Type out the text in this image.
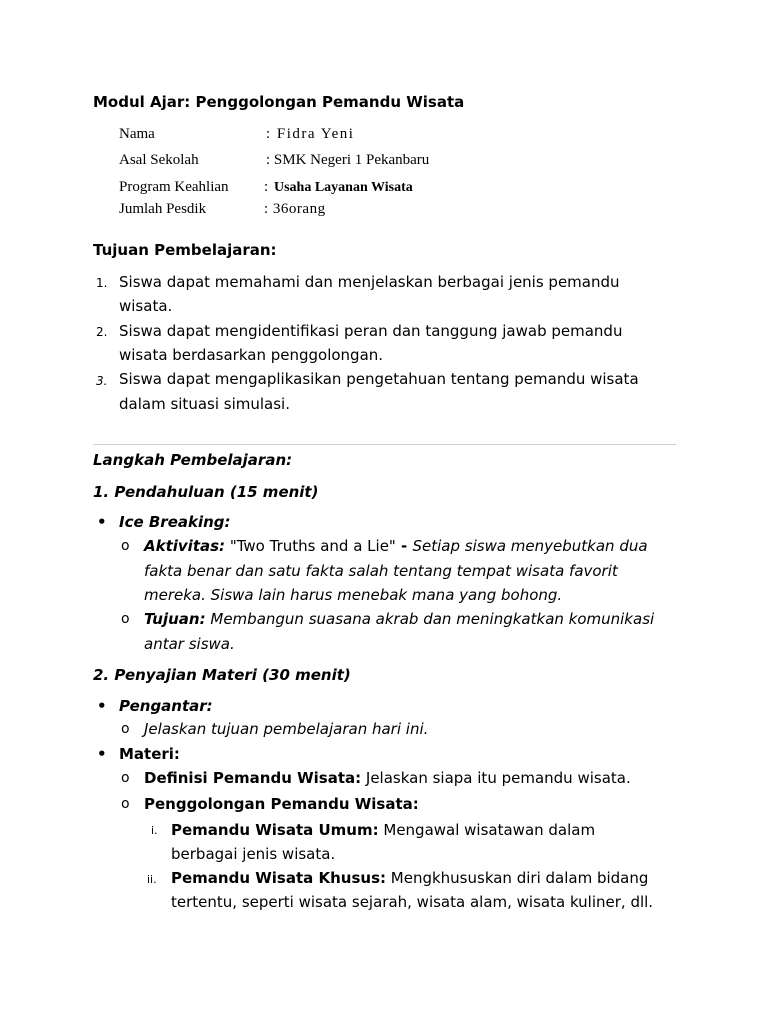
Modul Ajar: Penggolongan Pemandu Wisata
Nama	: Fidra Yeni
Asal Sekolah	: SMK Negeri 1 Pekanbaru
Program Keahlian : Usaha Layanan Wisata
Jumlah Pesdik	: 36orang
Tujuan Pembelajaran:
1. Siswa dapat memahami dan menjelaskan berbagai jenis pemandu
wisata.
2. Siswa dapat mengidentifikasi peran dan tanggung jawab pemandu
wisata berdasarkan penggolongan.
3. Siswa dapat mengaplikasikan pengetahuan tentang pemandu wisata
dalam situasi simulasi.
Langkah Pembelajaran:
1. Pendahuluan (15 menit)
• Ice Breaking:
o Aktivitas: "Two Truths and a Lie" - Setiap siswa menyebutkan dua
fakta benar dan satu fakta salah tentang tempat wisata favorit
mereka. Siswa lain harus menebak mana yang bohong.
o Tujuan: Membangun suasana akrab dan meningkatkan komunikasi
antar siswa.
2. Penyajian Materi (30 menit)
• Pengantar:
o Jelaskan tujuan pembelajaran hari ini.
• Materi:
o Definisi Pemandu Wisata: Jelaskan siapa itu pemandu wisata.
o Penggolongan Pemandu Wisata:
i. Pemandu Wisata Umum: Mengawal wisatawan dalam
berbagai jenis wisata.
ii. Pemandu Wisata Khusus: Mengkhususkan diri dalam bidang
tertentu, seperti wisata sejarah, wisata alam, wisata kuliner, dll.
